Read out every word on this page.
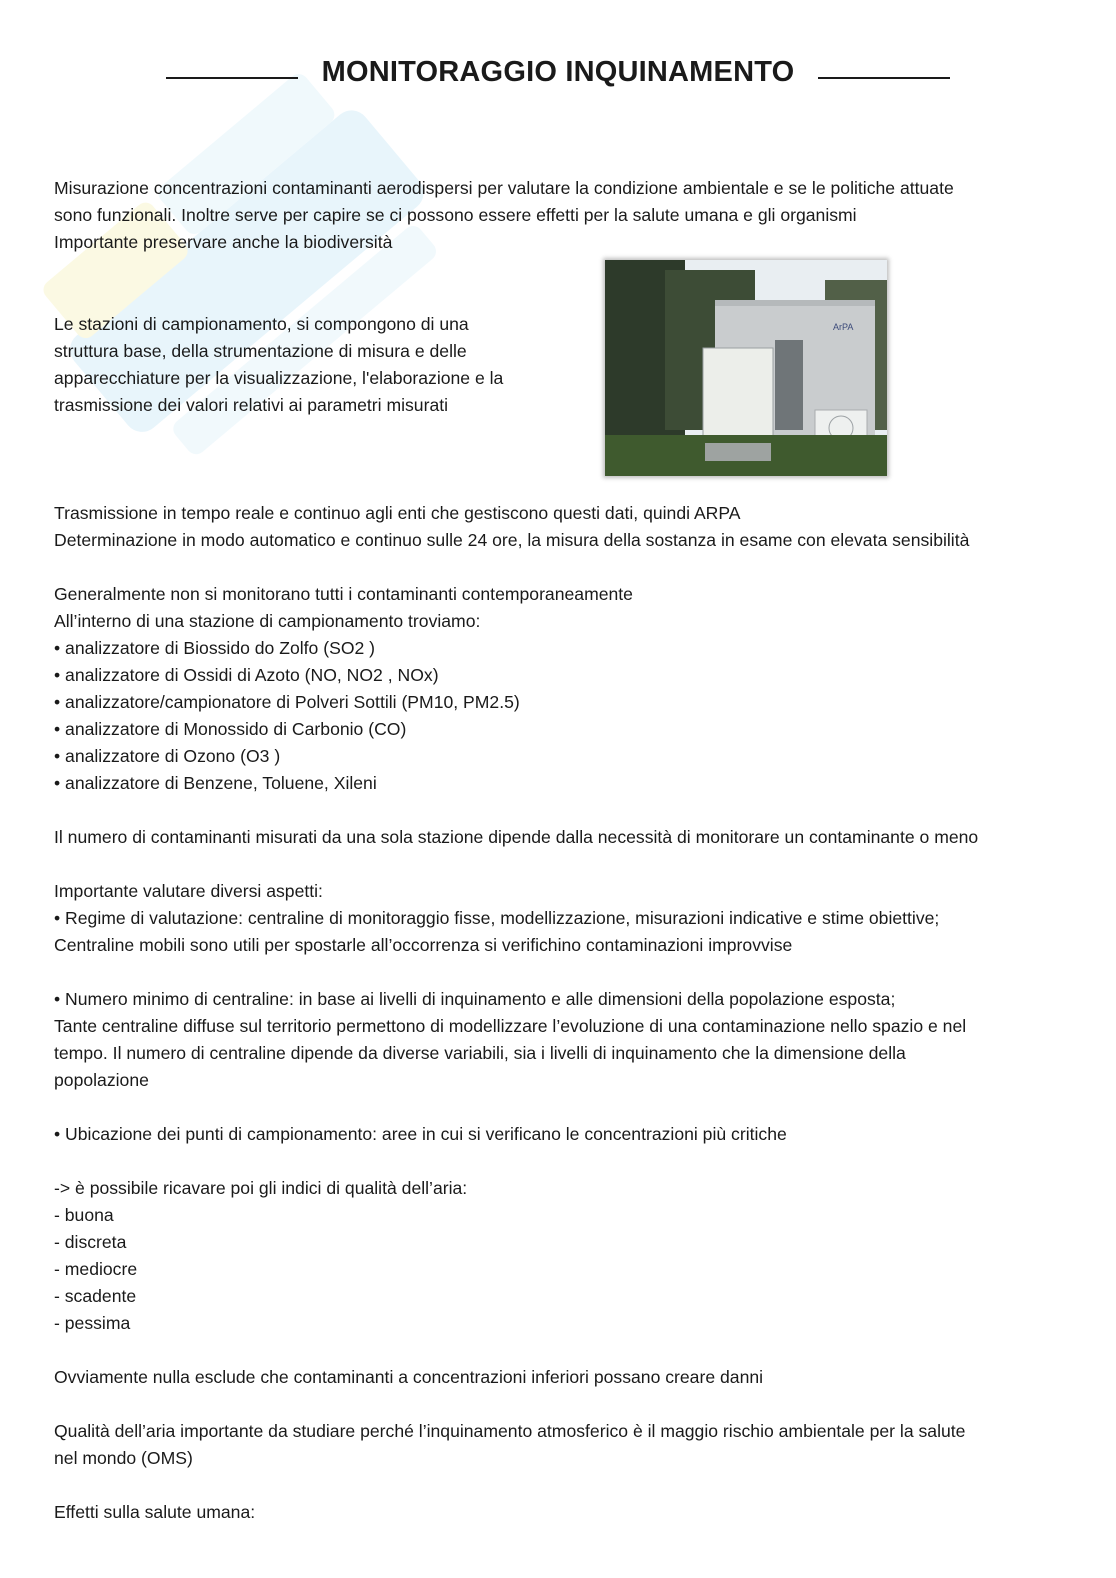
MONITORAGGIO INQUINAMENTO
Misurazione concentrazioni contaminanti aerodispersi per valutare la condizione ambientale e se le politiche attuate
sono funzionali. Inoltre serve per capire se ci possono essere effetti per la salute umana e gli organismi
Importante preservare anche la biodiversità
Le stazioni di campionamento, si compongono di una
struttura base, della strumentazione di misura e delle
apparecchiature per la visualizzazione, l'elaborazione e la
trasmissione dei valori relativi ai parametri misurati
ArPA
Trasmissione in tempo reale e continuo agli enti che gestiscono questi dati, quindi ARPA
Determinazione in modo automatico e continuo sulle 24 ore, la misura della sostanza in esame con elevata sensibilità
Generalmente non si monitorano tutti i contaminanti contemporaneamente
All’interno di una stazione di campionamento troviamo:
• analizzatore di Biossido do Zolfo (SO2 )
• analizzatore di Ossidi di Azoto (NO, NO2 , NOx)
• analizzatore/campionatore di Polveri Sottili (PM10, PM2.5)
• analizzatore di Monossido di Carbonio (CO)
• analizzatore di Ozono (O3 )
• analizzatore di Benzene, Toluene, Xileni
Il numero di contaminanti misurati da una sola stazione dipende dalla necessità di monitorare un contaminante o meno
Importante valutare diversi aspetti:
• Regime di valutazione: centraline di monitoraggio fisse, modellizzazione, misurazioni indicative e stime obiettive;
Centraline mobili sono utili per spostarle all’occorrenza si verifichino contaminazioni improvvise
• Numero minimo di centraline: in base ai livelli di inquinamento e alle dimensioni della popolazione esposta;
Tante centraline diffuse sul territorio permettono di modellizzare l’evoluzione di una contaminazione nello spazio e nel
tempo. Il numero di centraline dipende da diverse variabili, sia i livelli di inquinamento che la dimensione della
popolazione
• Ubicazione dei punti di campionamento: aree in cui si verificano le concentrazioni più critiche
-> è possibile ricavare poi gli indici di qualità dell’aria:
- buona
- discreta
- mediocre
- scadente
- pessima
Ovviamente nulla esclude che contaminanti a concentrazioni inferiori possano creare danni
Qualità dell’aria importante da studiare perché l’inquinamento atmosferico è il maggio rischio ambientale per la salute
nel mondo (OMS)
Effetti sulla salute umana:
